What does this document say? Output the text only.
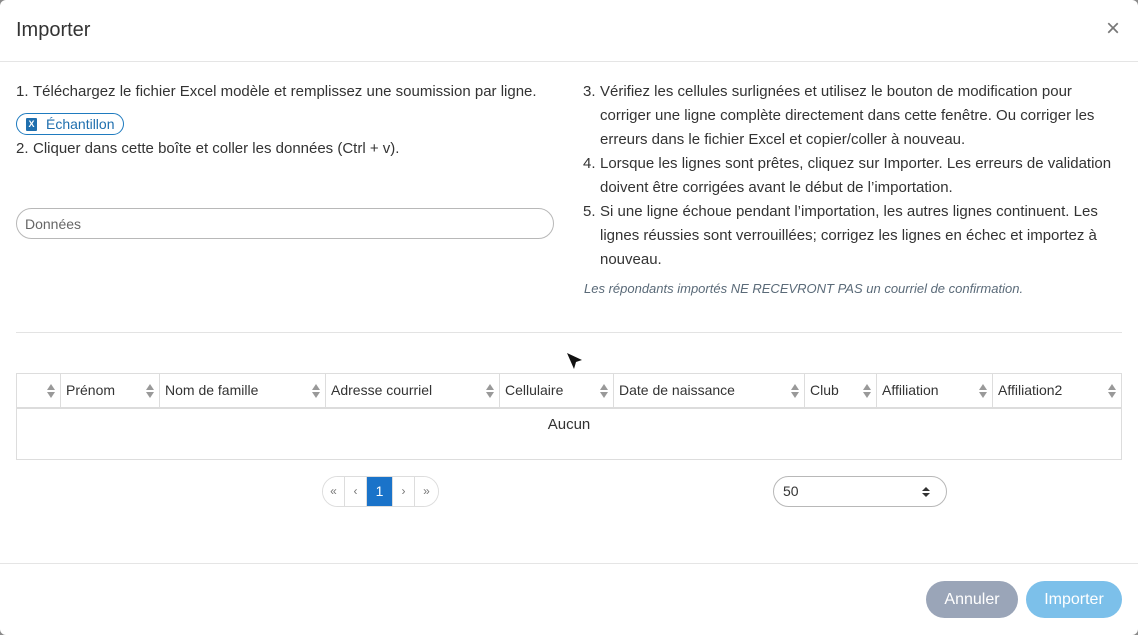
Importer	×
1. Téléchargez le fichier Excel modèle et remplissez une soumission par ligne.
X Échantillon
2. Cliquer dans cette boîte et coller les données (Ctrl + v).
Données
3. Vérifiez les cellules surlignées et utilisez le bouton de modification pour corriger une ligne complète directement dans cette fenêtre. Ou corriger les erreurs dans le fichier Excel et copier/coller à nouveau.
4. Lorsque les lignes sont prêtes, cliquez sur Importer. Les erreurs de validation doivent être corrigées avant le début de l’importation.
5. Si une ligne échoue pendant l’importation, les autres lignes continuent. Les lignes réussies sont verrouillées; corrigez les lignes en échec et importez à nouveau.
Les répondants importés NE RECEVRONT PAS un courriel de confirmation.
Prénom	Nom de famille	Adresse courriel	Cellulaire	Date de naissance	Club	Affiliation	Affiliation2
Aucun
«	‹	1	›	»	50
Annuler	Importer
